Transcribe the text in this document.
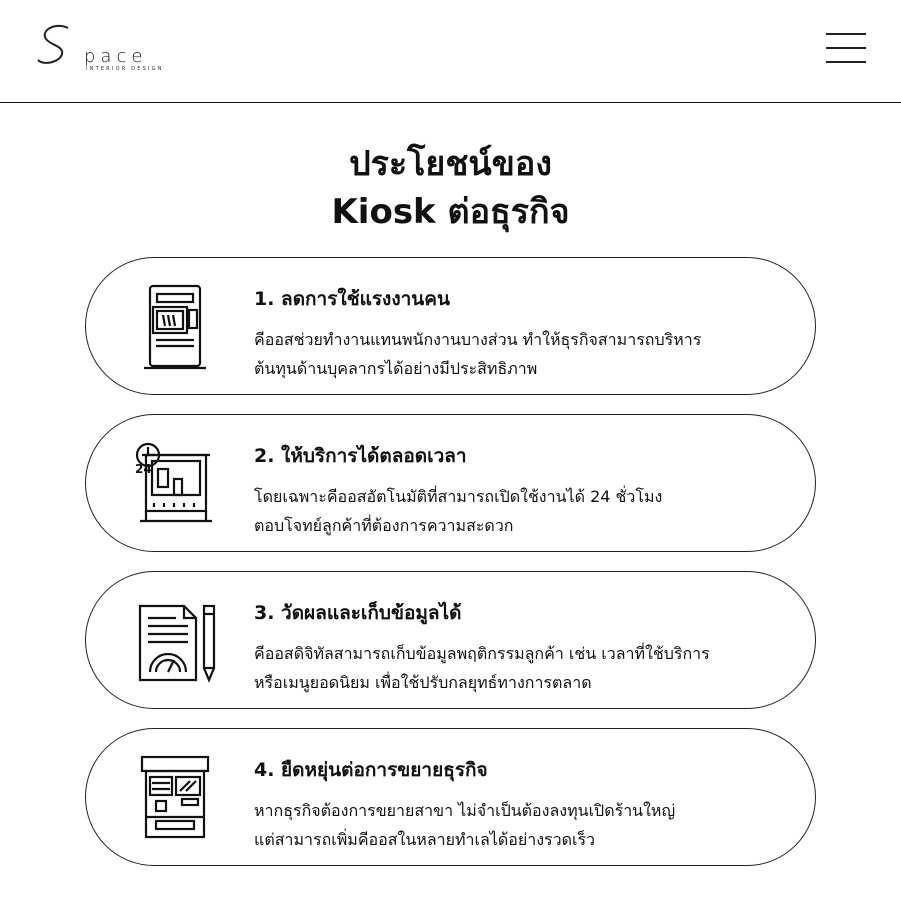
pace
INTERIOR DESIGN
ประโยชน์ของ
Kiosk ต่อธุรกิจ
1. ลดการใช้แรงงานคน
คีออสช่วยทำงานแทนพนักงานบางส่วน ทำให้ธุรกิจสามารถบริหาร
ต้นทุนด้านบุคลากรได้อย่างมีประสิทธิภาพ
24
2. ให้บริการได้ตลอดเวลา
โดยเฉพาะคีออสอัตโนมัติที่สามารถเปิดใช้งานได้ 24 ชั่วโมง
ตอบโจทย์ลูกค้าที่ต้องการความสะดวก
3. วัดผลและเก็บข้อมูลได้
คีออสดิจิทัลสามารถเก็บข้อมูลพฤติกรรมลูกค้า เช่น เวลาที่ใช้บริการ
หรือเมนูยอดนิยม เพื่อใช้ปรับกลยุทธ์ทางการตลาด
4. ยืดหยุ่นต่อการขยายธุรกิจ
หากธุรกิจต้องการขยายสาขา ไม่จำเป็นต้องลงทุนเปิดร้านใหญ่
แต่สามารถเพิ่มคีออสในหลายทำเลได้อย่างรวดเร็ว
